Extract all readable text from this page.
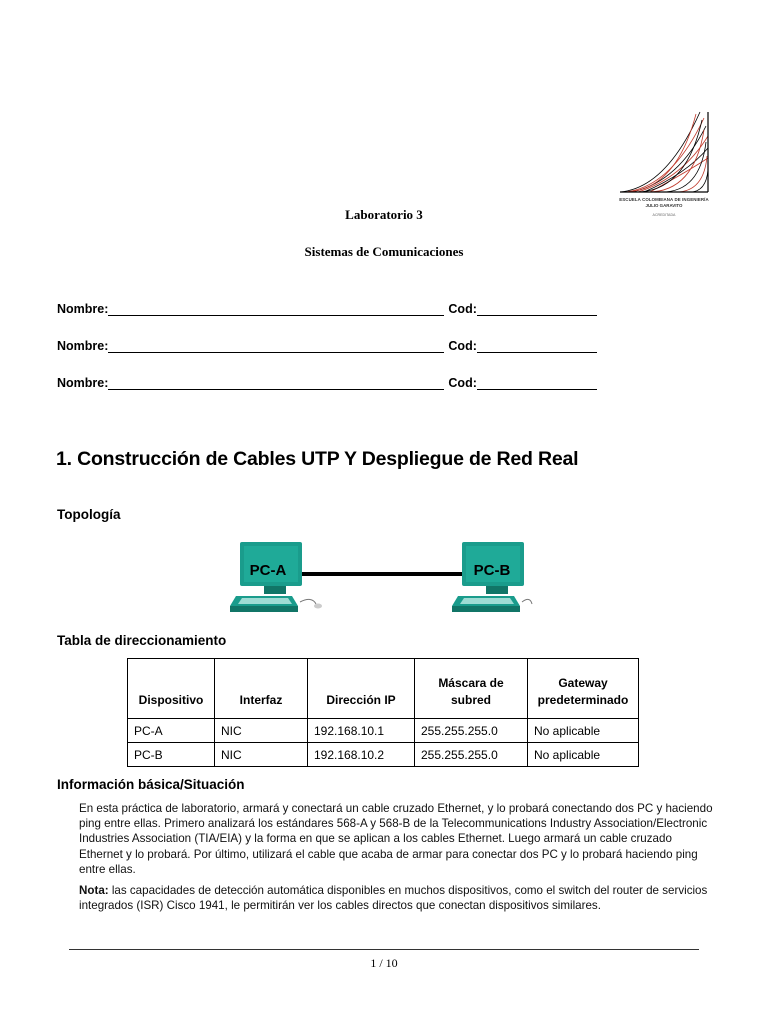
ESCUELA COLOMBIANA DE INGENIERÍA
JULIO GARAVITO
ACREDITADA
Laboratorio 3
Sistemas de Comunicaciones
Nombre:	Cod:
Nombre:	Cod:
Nombre:	Cod:
1. Construcción de Cables UTP Y Despliegue de Red Real
Topología
PC-A	PC-B
Tabla de direccionamiento
Dispositivo	Interfaz	Dirección IP	Máscara de subred	Gateway predeterminado
PC-A	NIC	192.168.10.1	255.255.255.0	No aplicable
PC-B	NIC	192.168.10.2	255.255.255.0	No aplicable
Información básica/Situación
En esta práctica de laboratorio, armará y conectará un cable cruzado Ethernet, y lo probará conectando dos PC y haciendo ping entre ellas. Primero analizará los estándares 568-A y 568-B de la Telecommunications Industry Association/Electronic Industries Association (TIA/EIA) y la forma en que se aplican a los cables Ethernet. Luego armará un cable cruzado Ethernet y lo probará. Por último, utilizará el cable que acaba de armar para conectar dos PC y lo probará haciendo ping entre ellas.
Nota: las capacidades de detección automática disponibles en muchos dispositivos, como el switch del router de servicios integrados (ISR) Cisco 1941, le permitirán ver los cables directos que conectan dispositivos similares.
1 / 10
